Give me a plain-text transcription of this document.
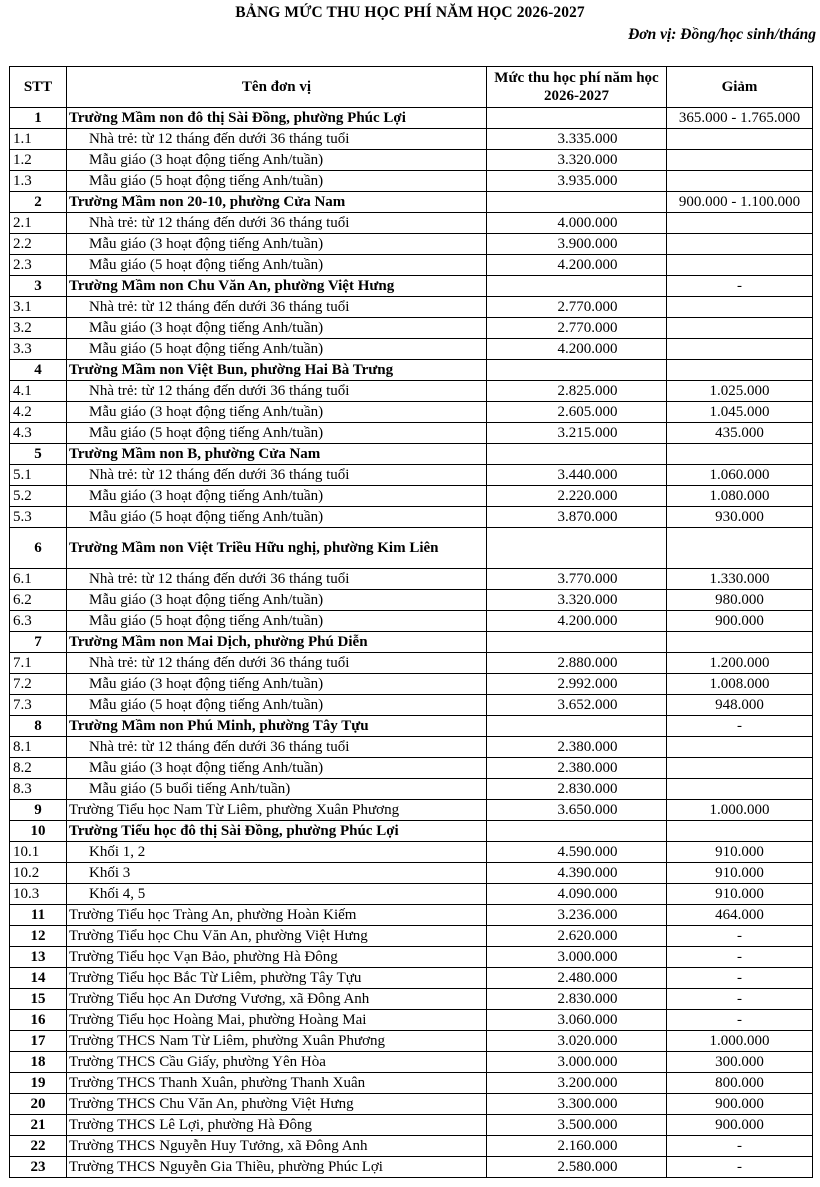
BẢNG MỨC THU HỌC PHÍ NĂM HỌC 2026-2027
Đơn vị: Đồng/học sinh/tháng
STT	Tên đơn vị	Mức thu học phí năm học 2026-2027	Giảm
1	Trường Mầm non đô thị Sài Đồng, phường Phúc Lợi		365.000 - 1.765.000
1.1	Nhà trẻ: từ 12 tháng đến dưới 36 tháng tuổi	3.335.000	
1.2	Mẫu giáo (3 hoạt động tiếng Anh/tuần)	3.320.000	
1.3	Mẫu giáo (5 hoạt động tiếng Anh/tuần)	3.935.000	
2	Trường Mầm non 20-10, phường Cửa Nam		900.000 - 1.100.000
2.1	Nhà trẻ: từ 12 tháng đến dưới 36 tháng tuổi	4.000.000	
2.2	Mẫu giáo (3 hoạt động tiếng Anh/tuần)	3.900.000	
2.3	Mẫu giáo (5 hoạt động tiếng Anh/tuần)	4.200.000	
3	Trường Mầm non Chu Văn An, phường Việt Hưng		-
3.1	Nhà trẻ: từ 12 tháng đến dưới 36 tháng tuổi	2.770.000	
3.2	Mẫu giáo (3 hoạt động tiếng Anh/tuần)	2.770.000	
3.3	Mẫu giáo (5 hoạt động tiếng Anh/tuần)	4.200.000	
4	Trường Mầm non Việt Bun, phường Hai Bà Trưng		
4.1	Nhà trẻ: từ 12 tháng đến dưới 36 tháng tuổi	2.825.000	1.025.000
4.2	Mẫu giáo (3 hoạt động tiếng Anh/tuần)	2.605.000	1.045.000
4.3	Mẫu giáo (5 hoạt động tiếng Anh/tuần)	3.215.000	435.000
5	Trường Mầm non B, phường Cửa Nam		
5.1	Nhà trẻ: từ 12 tháng đến dưới 36 tháng tuổi	3.440.000	1.060.000
5.2	Mẫu giáo (3 hoạt động tiếng Anh/tuần)	2.220.000	1.080.000
5.3	Mẫu giáo (5 hoạt động tiếng Anh/tuần)	3.870.000	930.000
6	Trường Mầm non Việt Triều Hữu nghị, phường Kim Liên		
6.1	Nhà trẻ: từ 12 tháng đến dưới 36 tháng tuổi	3.770.000	1.330.000
6.2	Mẫu giáo (3 hoạt động tiếng Anh/tuần)	3.320.000	980.000
6.3	Mẫu giáo (5 hoạt động tiếng Anh/tuần)	4.200.000	900.000
7	Trường Mầm non Mai Dịch, phường Phú Diễn		
7.1	Nhà trẻ: từ 12 tháng đến dưới 36 tháng tuổi	2.880.000	1.200.000
7.2	Mẫu giáo (3 hoạt động tiếng Anh/tuần)	2.992.000	1.008.000
7.3	Mẫu giáo (5 hoạt động tiếng Anh/tuần)	3.652.000	948.000
8	Trường Mầm non Phú Minh, phường Tây Tựu		-
8.1	Nhà trẻ: từ 12 tháng đến dưới 36 tháng tuổi	2.380.000	
8.2	Mẫu giáo (3 hoạt động tiếng Anh/tuần)	2.380.000	
8.3	Mẫu giáo (5 buổi tiếng Anh/tuần)	2.830.000	
9	Trường Tiểu học Nam Từ Liêm, phường Xuân Phương	3.650.000	1.000.000
10	Trường Tiểu học đô thị Sài Đồng, phường Phúc Lợi		
10.1	Khối 1, 2	4.590.000	910.000
10.2	Khối 3	4.390.000	910.000
10.3	Khối 4, 5	4.090.000	910.000
11	Trường Tiểu học Tràng An, phường Hoàn Kiếm	3.236.000	464.000
12	Trường Tiểu học Chu Văn An, phường Việt Hưng	2.620.000	-
13	Trường Tiểu học Vạn Bảo, phường Hà Đông	3.000.000	-
14	Trường Tiểu học Bắc Từ Liêm, phường Tây Tựu	2.480.000	-
15	Trường Tiểu học An Dương Vương, xã Đông Anh	2.830.000	-
16	Trường Tiểu học Hoàng Mai, phường Hoàng Mai	3.060.000	-
17	Trường THCS Nam Từ Liêm, phường Xuân Phương	3.020.000	1.000.000
18	Trường THCS Cầu Giấy, phường Yên Hòa	3.000.000	300.000
19	Trường THCS Thanh Xuân, phường Thanh Xuân	3.200.000	800.000
20	Trường THCS Chu Văn An, phường Việt Hưng	3.300.000	900.000
21	Trường THCS Lê Lợi, phường Hà Đông	3.500.000	900.000
22	Trường THCS Nguyễn Huy Tưởng, xã Đông Anh	2.160.000	-
23	Trường THCS Nguyễn Gia Thiều, phường Phúc Lợi	2.580.000	-
